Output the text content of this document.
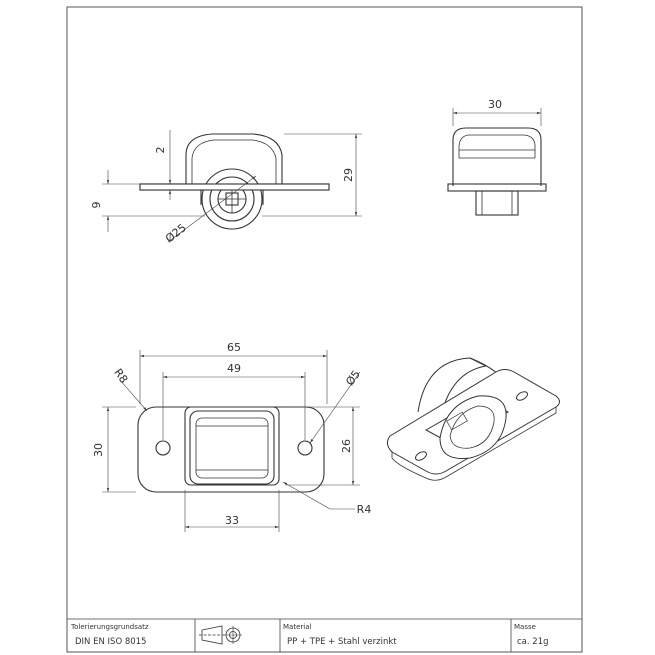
29
2
9
Ø25
30
65
49
R8	Ø5
30	26
33
R4
Tolerierungsgrundsatz
DIN EN ISO 8015
Material
PP + TPE + Stahl verzinkt
Masse
ca. 21g
